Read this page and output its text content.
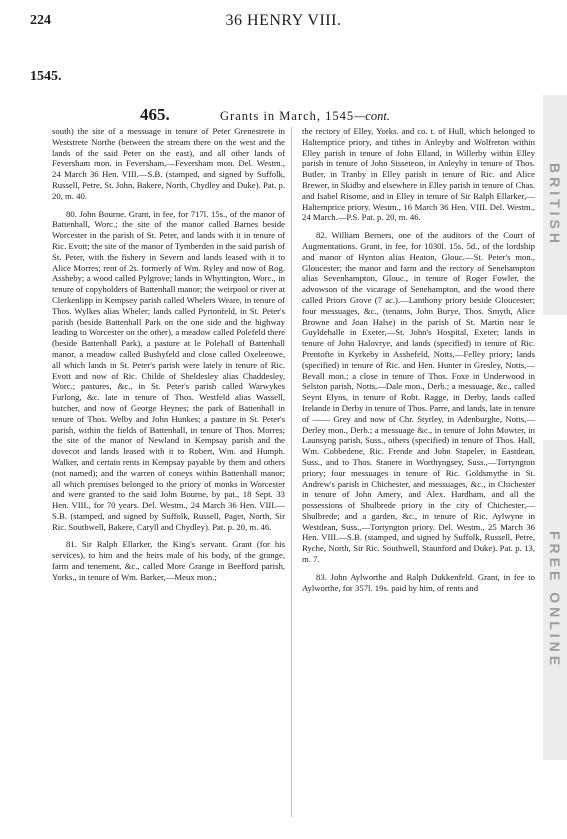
224	36 HENRY VIII.
1545.
465.	Grants in March, 1545—cont.

south) the site of a messuage in tenure of Peter Grenestrete in Weststrete Northe (between the stream there on the west and the lands of the said Peter on the east), and all other lands of Feversham mon. in Feversham,—Feversham mon. Del. Westm., 24 March 36 Hen. VIII.—S.B. (stamped, and signed by Suffolk, Russell, Petre, St. John, Bakere, North, Chydley and Duke). Pat. p. 20, m. 40.

80. John Bourne. Grant, in fee, for 717l. 15s., of the manor of Battenhall, Worc.; the site of the manor called Barnes beside Worcester in the parish of St. Peter, and lands with it in tenure of Ric. Evott; the site of the manor of Tymberden in the said parish of St. Peter, with the fishery in Severn and lands leased with it to Alice Morres; rent of 2s. formerly of Wm. Ryley and now of Rog. Assheby; a wood called Pylgrove; lands in Whyttington, Worc., in tenure of copyholders of Battenhall manor; the weirpool or river at Clerkenlipp in Kempsey parish called Whelers Weare, in tenure of Thos. Wylkes alias Wheler; lands called Pyrtonfeld, in St. Peter's parish (beside Battenhall Park on the one side and the highway leading to Worcester on the other), a meadow called Polefeld there (beside Battenhall Park), a pasture at le Polehall of Battenhall manor, a meadow called Bushyfeld and close called Oxeleeowe, all which lands in St. Peter's parish were lately in tenure of Ric. Evott and now of Ric. Childe of Sheldesley alias Chaddesley, Worc.; pastures, &c., in St. Peter's parish called Warwykes Furlong, &c. late in tenure of Thos. Westfeld alias Wassell, butcher, and now of George Heynes; the park of Battenhall in tenure of Thos. Welby and John Hunkes; a pasture in St. Peter's parish, within the fields of Battenhall, in tenure of Thos. Morres; the site of the manor of Newland in Kempsay parish and the dovecot and lands leased with it to Robert, Wm. and Humph. Walker, and certain rents in Kempsay payable by them and others (not named); and the warren of coneys within Battenhall manor; all which premises belonged to the priory of monks in Worcester and were granted to the said John Bourne, by pat., 18 Sept. 33 Hen. VIII., for 70 years. Del. Westm., 24 March 36 Hen. VIII.—S.B. (stamped, and signed by Suffolk, Russell, Paget, North, Sir Ric. Southwell, Bakere, Caryll and Chydley). Pat. p. 20, m. 46.

81. Sir Ralph Ellarker, the King's servant. Grant (for his services), to him and the heirs male of his body, of the grange, farm and tenement, &c., called More Grange in Beefford parish, Yorks., in tenure of Wm. Barker,—Meux mon.;

the rectory of Elley, Yorks. and co. t. of Hull, which belonged to Haltemprice priory, and tithes in Anleyby and Wolfreton within Elley parish in tenure of John Elland, in Willerby within Elley parish in tenure of John Sisseteon, in Anleyby in tenure of Thos. Butler, in Tranby in Elley parish in tenure of Ric. and Alice Brewer, in Skidby and elsewhere in Elley parish in tenure of Chas. and Isabel Risome, and in Elley in tenure of Sir Ralph Ellarker,—Haltemprice priory. Westm., 16 March 36 Hen. VIII. Del. Westm., 24 March.—P.S. Pat. p. 20, m. 46.

82. William Berners, one of the auditors of the Court of Augmentations. Grant, in fee, for 1030l. 15s. 5d., of the lordship and manor of Hynton alias Heaton, Glouc.—St. Peter's mon., Gloucester; the manor and farm and the rectory of Senehampton alias Sevenhampton, Glouc., in tenure of Roger Fowler, the advowson of the vicarage of Senehampton, and the wood there called Priors Grove (7 ac.).—Lanthony priory beside Gloucester; four messuages, &c., (tenants, John Burye, Thos. Smyth, Alice Browne and Joan Halse) in the parish of St. Martin near le Guyldehalle in Exeter,—St. John's Hospital, Exeter; lands in tenure of John Halovrye, and lands (specified) in tenure of Ric. Prentofte in Kyrkeby in Asshefeld, Notts,—Felley priory; lands (specified) in tenure of Ric. and Hen. Hunter in Gresley, Notts,—Bevall mon.; a close in tenure of Thos. Foxe in Underwood in Selston parish, Notts,—Dale mon., Derb.; a messuage, &c., called Seynt Elyns, in tenure of Robt. Ragge, in Derby, lands called Irelande in Derby in tenure of Thos. Parre, and lands, late in tenure of —— Grey and now of Chr. Styrley, in Adenburghe, Notts,—Derley mon., Derb.; a messuage &c., in tenure of John Mowter, in Launsyng parish, Suss., others (specified) in tenure of Thos. Hall, Wm. Cobbedene, Ric. Frende and John Stapeler, in Eastdean, Suss., and to Thos. Stanere in Worthyngsey, Suss.,—Tortyngton priory; four messuages in tenure of Ric. Goldsmythe in St. Andrew's parish in Chichester, and messuages, &c., in Chichester in tenure of John Amery, and Alex. Hardham, and all the possessions of Shulbrede priory in the city of Chichester,—Shulbrede; and a garden, &c., in tenure of Ric. Aylwyne in Westdean, Suss.,—Tortyngton priory. Del. Westm., 25 March 36 Hen. VIII.—S.B. (stamped, and signed by Suffolk, Russell, Petre, Ryche, North, Sir Ric. Southwell, Staunford and Duke). Pat. p. 13, m. 7.

83. John Aylworthe and Ralph Dukkenfeld. Grant, in fee to Aylworthe, for 357l. 19s. paid by him, of rents and

BRITISH
FREE ONLINE
